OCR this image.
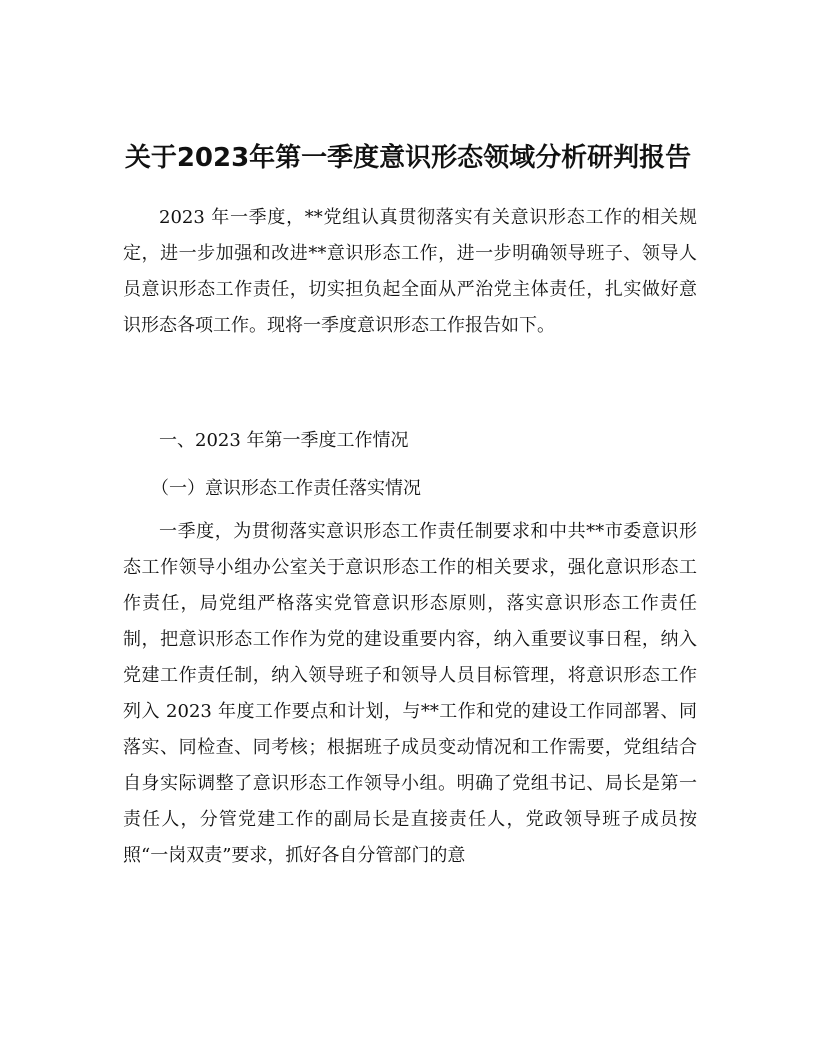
关于2023年第一季度意识形态领域分析研判报告

2023 年一季度，**党组认真贯彻落实有关意识形态工作的相关规定，进一步加强和改进**意识形态工作，进一步明确领导班子、领导人员意识形态工作责任，切实担负起全面从严治党主体责任，扎实做好意识形态各项工作。现将一季度意识形态工作报告如下。

一、2023 年第一季度工作情况

（一）意识形态工作责任落实情况

一季度，为贯彻落实意识形态工作责任制要求和中共**市委意识形态工作领导小组办公室关于意识形态工作的相关要求，强化意识形态工作责任，局党组严格落实党管意识形态原则，落实意识形态工作责任制，把意识形态工作作为党的建设重要内容，纳入重要议事日程，纳入党建工作责任制，纳入领导班子和领导人员目标管理，将意识形态工作列入 2023 年度工作要点和计划，与**工作和党的建设工作同部署、同落实、同检查、同考核；根据班子成员变动情况和工作需要，党组结合自身实际调整了意识形态工作领导小组。明确了党组书记、局长是第一责任人，分管党建工作的副局长是直接责任人，党政领导班子成员按照“一岗双责”要求，抓好各自分管部门的意
